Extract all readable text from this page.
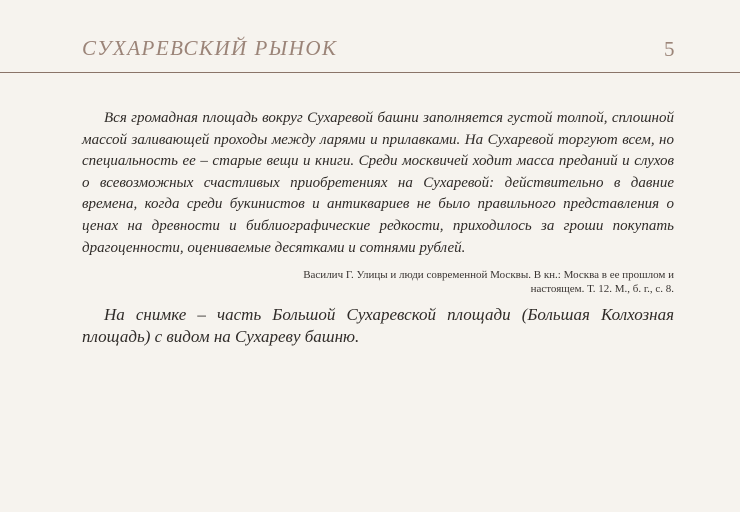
СУХАРЕВСКИЙ РЫНОК	5

Вся громадная площадь вокруг Сухаревой башни заполняется густой толпой, сплошной массой заливающей проходы между ларями и прилавками. На Сухаревой торгуют всем, но специальность ее – старые вещи и книги. Среди москвичей ходит масса преданий и слухов о всевозможных счастливых приобретениях на Сухаревой: действительно в давние времена, когда среди букинистов и антиквариев не было правильного представления о ценах на древности и библиографические редкости, приходилось за гроши покупать драгоценности, оцениваемые десятками и сотнями рублей.

Василич Г. Улицы и люди современной Москвы. В кн.: Москва в ее прошлом и настоящем. Т. 12. М., б. г., с. 8.

На снимке – часть Большой Сухаревской площади (Большая Колхозная площадь) с видом на Сухареву башню.
